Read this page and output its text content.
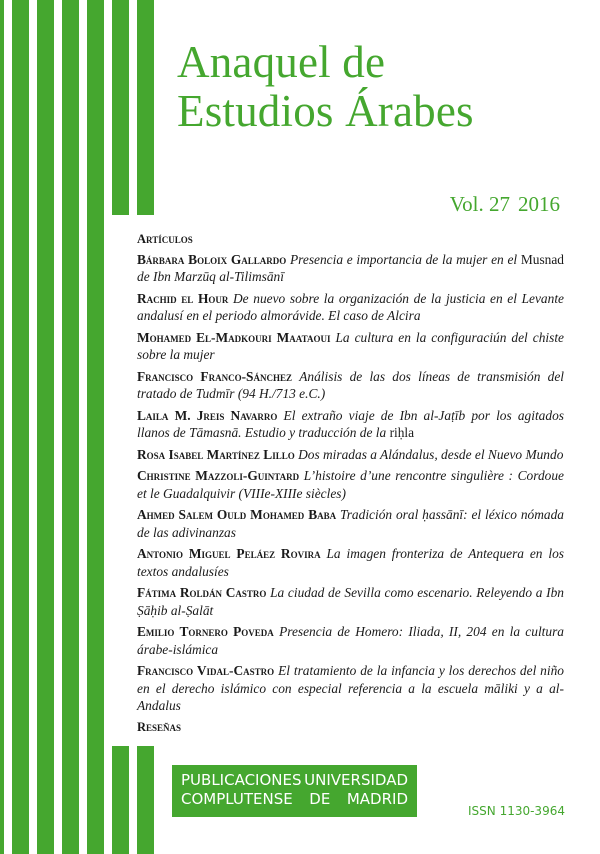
Anaquel de
Estudios Árabes
Vol. 27 2016
Artículos
Bárbara Boloix Gallardo Presencia e importancia de la mujer en el Musnad de Ibn Marzūq al-Tilimsānī
Rachid el Hour De nuevo sobre la organización de la justicia en el Levante andalusí en el periodo almorávide. El caso de Alcira
Mohamed El-Madkouri Maataoui La cultura en la configuraciún del chiste sobre la mujer
Francisco Franco-Sánchez Análisis de las dos líneas de transmisión del tratado de Tudmīr (94 H./713 e.C.)
Laila M. Jreis Navarro El extraño viaje de Ibn al-Jaṭīb por los agitados llanos de Tāmasnā. Estudio y traducción de la riḥla
Rosa Isabel Martínez Lillo Dos miradas a Alándalus, desde el Nuevo Mundo
Christine Mazzoli-Guintard L’histoire d’une rencontre singulière : Cordoue et le Guadalquivir (VIIIe-XIIIe siècles)
Ahmed Salem Ould Mohamed Baba Tradición oral ḥassānī: el léxico nómada de las adivinanzas
Antonio Miguel Peláez Rovira La imagen fronteriza de Antequera en los textos andalusíes
Fátima Roldán Castro La ciudad de Sevilla como escenario. Releyendo a Ibn Ṣāḥib al-Ṣalāt
Emilio Tornero Poveda Presencia de Homero: Iliada, II, 204 en la cultura árabe-islámica
Francisco Vidal-Castro El tratamiento de la infancia y los derechos del niño en el derecho islámico con especial referencia a la escuela māliki y a al-Andalus
Reseñas
PUBLICACIONES UNIVERSIDAD
COMPLUTENSE DE MADRID
ISSN 1130-3964
